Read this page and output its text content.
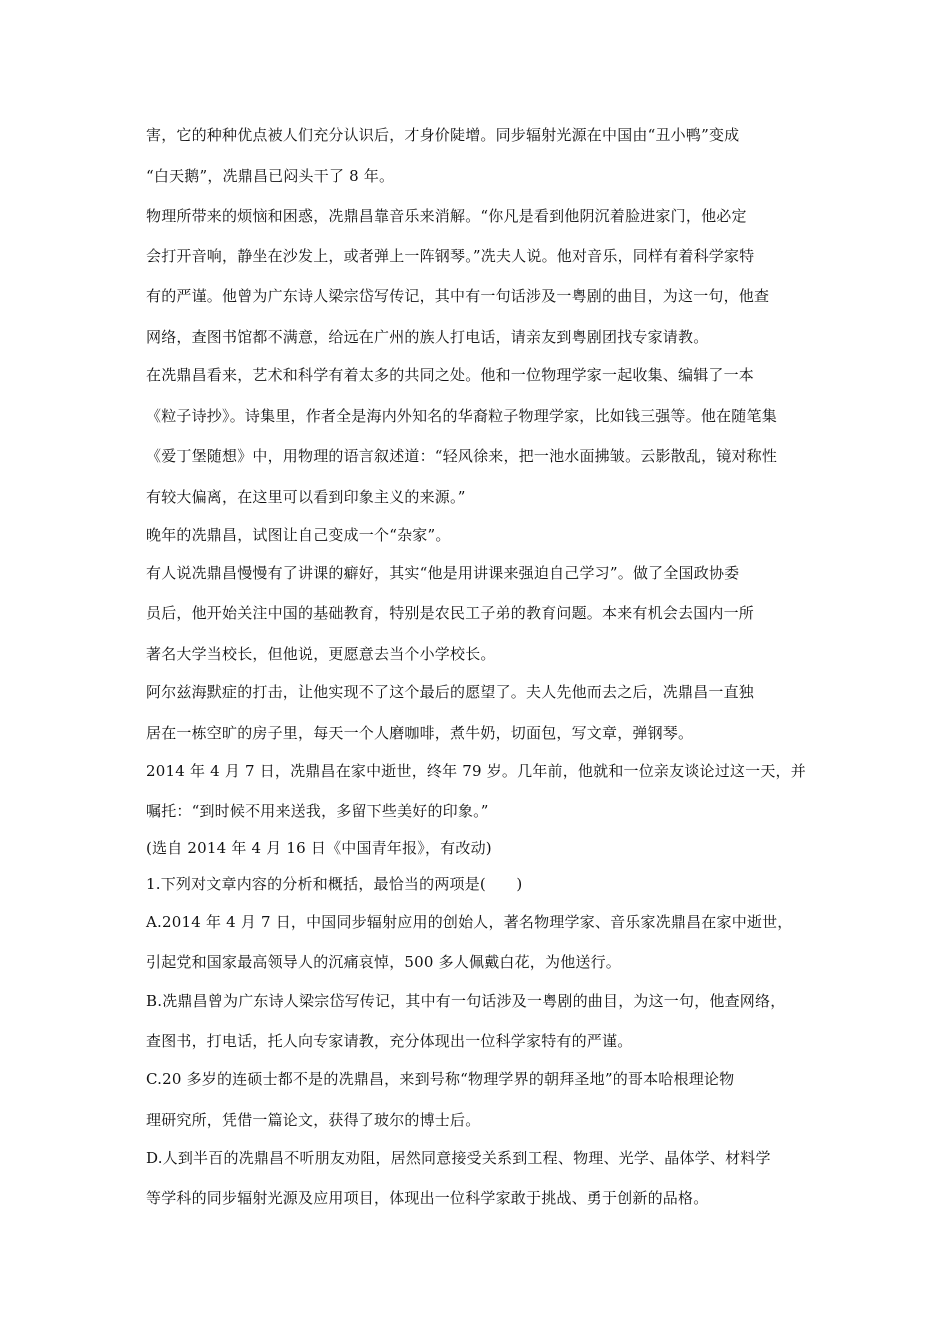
害，它的种种优点被人们充分认识后，才身价陡增。同步辐射光源在中国由“丑小鸭”变成
“白天鹅”，冼鼎昌已闷头干了 8 年。
物理所带来的烦恼和困惑，冼鼎昌靠音乐来消解。“你凡是看到他阴沉着脸进家门，他必定
会打开音响，静坐在沙发上，或者弹上一阵钢琴。”冼夫人说。他对音乐，同样有着科学家特
有的严谨。他曾为广东诗人梁宗岱写传记，其中有一句话涉及一粤剧的曲目，为这一句，他查
网络，查图书馆都不满意，给远在广州的族人打电话，请亲友到粤剧团找专家请教。
在冼鼎昌看来，艺术和科学有着太多的共同之处。他和一位物理学家一起收集、编辑了一本
《粒子诗抄》。诗集里，作者全是海内外知名的华裔粒子物理学家，比如钱三强等。他在随笔集
《爱丁堡随想》中，用物理的语言叙述道：“轻风徐来，把一池水面拂皱。云影散乱，镜对称性
有较大偏离，在这里可以看到印象主义的来源。”
晚年的冼鼎昌，试图让自己变成一个“杂家”。
有人说冼鼎昌慢慢有了讲课的癖好，其实“他是用讲课来强迫自己学习”。做了全国政协委
员后，他开始关注中国的基础教育，特别是农民工子弟的教育问题。本来有机会去国内一所
著名大学当校长，但他说，更愿意去当个小学校长。
阿尔兹海默症的打击，让他实现不了这个最后的愿望了。夫人先他而去之后，冼鼎昌一直独
居在一栋空旷的房子里，每天一个人磨咖啡，煮牛奶，切面包，写文章，弹钢琴。
2014 年 4 月 7 日，冼鼎昌在家中逝世，终年 79 岁。几年前，他就和一位亲友谈论过这一天，并
嘱托：“到时候不用来送我，多留下些美好的印象。”
(选自 2014 年 4 月 16 日《中国青年报》，有改动)
1.下列对文章内容的分析和概括，最恰当的两项是(　　)
A.2014 年 4 月 7 日，中国同步辐射应用的创始人，著名物理学家、音乐家冼鼎昌在家中逝世，
引起党和国家最高领导人的沉痛哀悼，500 多人佩戴白花，为他送行。
B.冼鼎昌曾为广东诗人梁宗岱写传记，其中有一句话涉及一粤剧的曲目，为这一句，他查网络，
查图书，打电话，托人向专家请教，充分体现出一位科学家特有的严谨。
C.20 多岁的连硕士都不是的冼鼎昌，来到号称“物理学界的朝拜圣地”的哥本哈根理论物
理研究所，凭借一篇论文，获得了玻尔的博士后。
D.人到半百的冼鼎昌不听朋友劝阻，居然同意接受关系到工程、物理、光学、晶体学、材料学
等学科的同步辐射光源及应用项目，体现出一位科学家敢于挑战、勇于创新的品格。
